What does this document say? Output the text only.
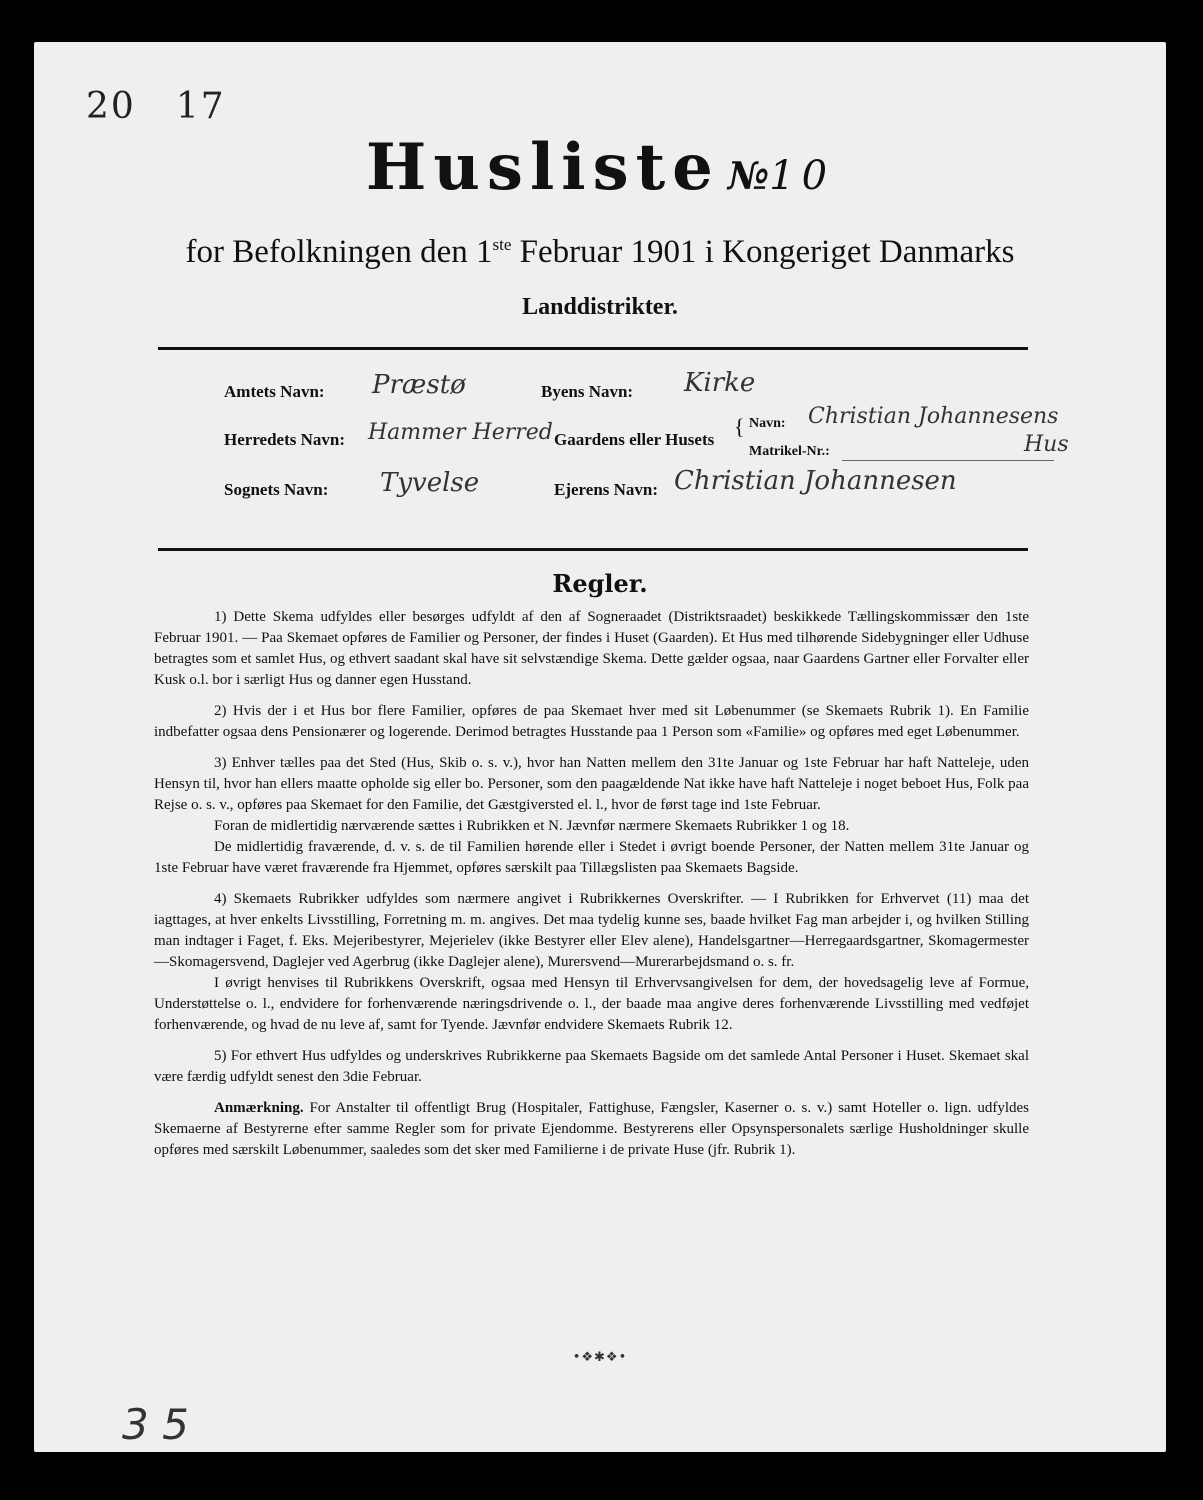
20 17
Husliste №10
for Befolkningen den 1ste Februar 1901 i Kongeriget Danmarks
Landdistrikter.
Amtets Navn: Præstø	Byens Navn: Kirke
Herredets Navn: Hammer Herred Gaardens eller Husets
{ Navn: Christian Johannesens
Hus
Matrikel-Nr.:
Sognets Navn: Tyvelse	Ejerens Navn: Christian Johannesen
Regler.

1) Dette Skema udfyldes eller besørges udfyldt af den af Sogneraadet (Distriktsraadet) beskikkede Tællingskommissær den 1ste Februar 1901. — Paa Skemaet opføres de Familier og Personer, der findes i Huset (Gaarden). Et Hus med tilhørende Sidebygninger eller Udhuse betragtes som et samlet Hus, og ethvert saadant skal have sit selvstændige Skema. Dette gælder ogsaa, naar Gaardens Gartner eller Forvalter eller Kusk o.l. bor i særligt Hus og danner egen Husstand.

2) Hvis der i et Hus bor flere Familier, opføres de paa Skemaet hver med sit Løbenummer (se Skemaets Rubrik 1). En Familie indbefatter ogsaa dens Pensionærer og logerende. Derimod betragtes Husstande paa 1 Person som «Familie» og opføres med eget Løbenummer.

3) Enhver tælles paa det Sted (Hus, Skib o. s. v.), hvor han Natten mellem den 31te Januar og 1ste Februar har haft Natteleje, uden Hensyn til, hvor han ellers maatte opholde sig eller bo. Personer, som den paagældende Nat ikke have haft Natteleje i noget beboet Hus, Folk paa Rejse o. s. v., opføres paa Skemaet for den Familie, det Gæstgiversted el. l., hvor de først tage ind 1ste Februar.

Foran de midlertidig nærværende sættes i Rubrikken et N. Jævnfør nærmere Skemaets Rubrikker 1 og 18.

De midlertidig fraværende, d. v. s. de til Familien hørende eller i Stedet i øvrigt boende Personer, der Natten mellem 31te Januar og 1ste Februar have været fraværende fra Hjemmet, opføres særskilt paa Tillægslisten paa Skemaets Bagside.

4) Skemaets Rubrikker udfyldes som nærmere angivet i Rubrikkernes Overskrifter. — I Rubrikken for Erhvervet (11) maa det iagttages, at hver enkelts Livsstilling, Forretning m. m. angives. Det maa tydelig kunne ses, baade hvilket Fag man arbejder i, og hvilken Stilling man indtager i Faget, f. Eks. Mejeribestyrer, Mejerielev (ikke Bestyrer eller Elev alene), Handelsgartner—Herregaardsgartner, Skomagermester—Skomagersvend, Daglejer ved Agerbrug (ikke Daglejer alene), Murersvend—Murerarbejdsmand o. s. fr.

I øvrigt henvises til Rubrikkens Overskrift, ogsaa med Hensyn til Erhvervsangivelsen for dem, der hovedsagelig leve af Formue, Understøttelse o. l., endvidere for forhenværende næringsdrivende o. l., der baade maa angive deres forhenværende Livsstilling med vedføjet forhenværende, og hvad de nu leve af, samt for Tyende. Jævnfør endvidere Skemaets Rubrik 12.

5) For ethvert Hus udfyldes og underskrives Rubrikkerne paa Skemaets Bagside om det samlede Antal Personer i Huset. Skemaet skal være færdig udfyldt senest den 3die Februar.

Anmærkning. For Anstalter til offentligt Brug (Hospitaler, Fattighuse, Fængsler, Kaserner o. s. v.) samt Hoteller o. lign. udfyldes Skemaerne af Bestyrerne efter samme Regler som for private Ejendomme. Bestyrerens eller Opsynspersonalets særlige Husholdninger skulle opføres med særskilt Løbenummer, saaledes som det sker med Familierne i de private Huse (jfr. Rubrik 1).

•❖✱❖•
3 5
